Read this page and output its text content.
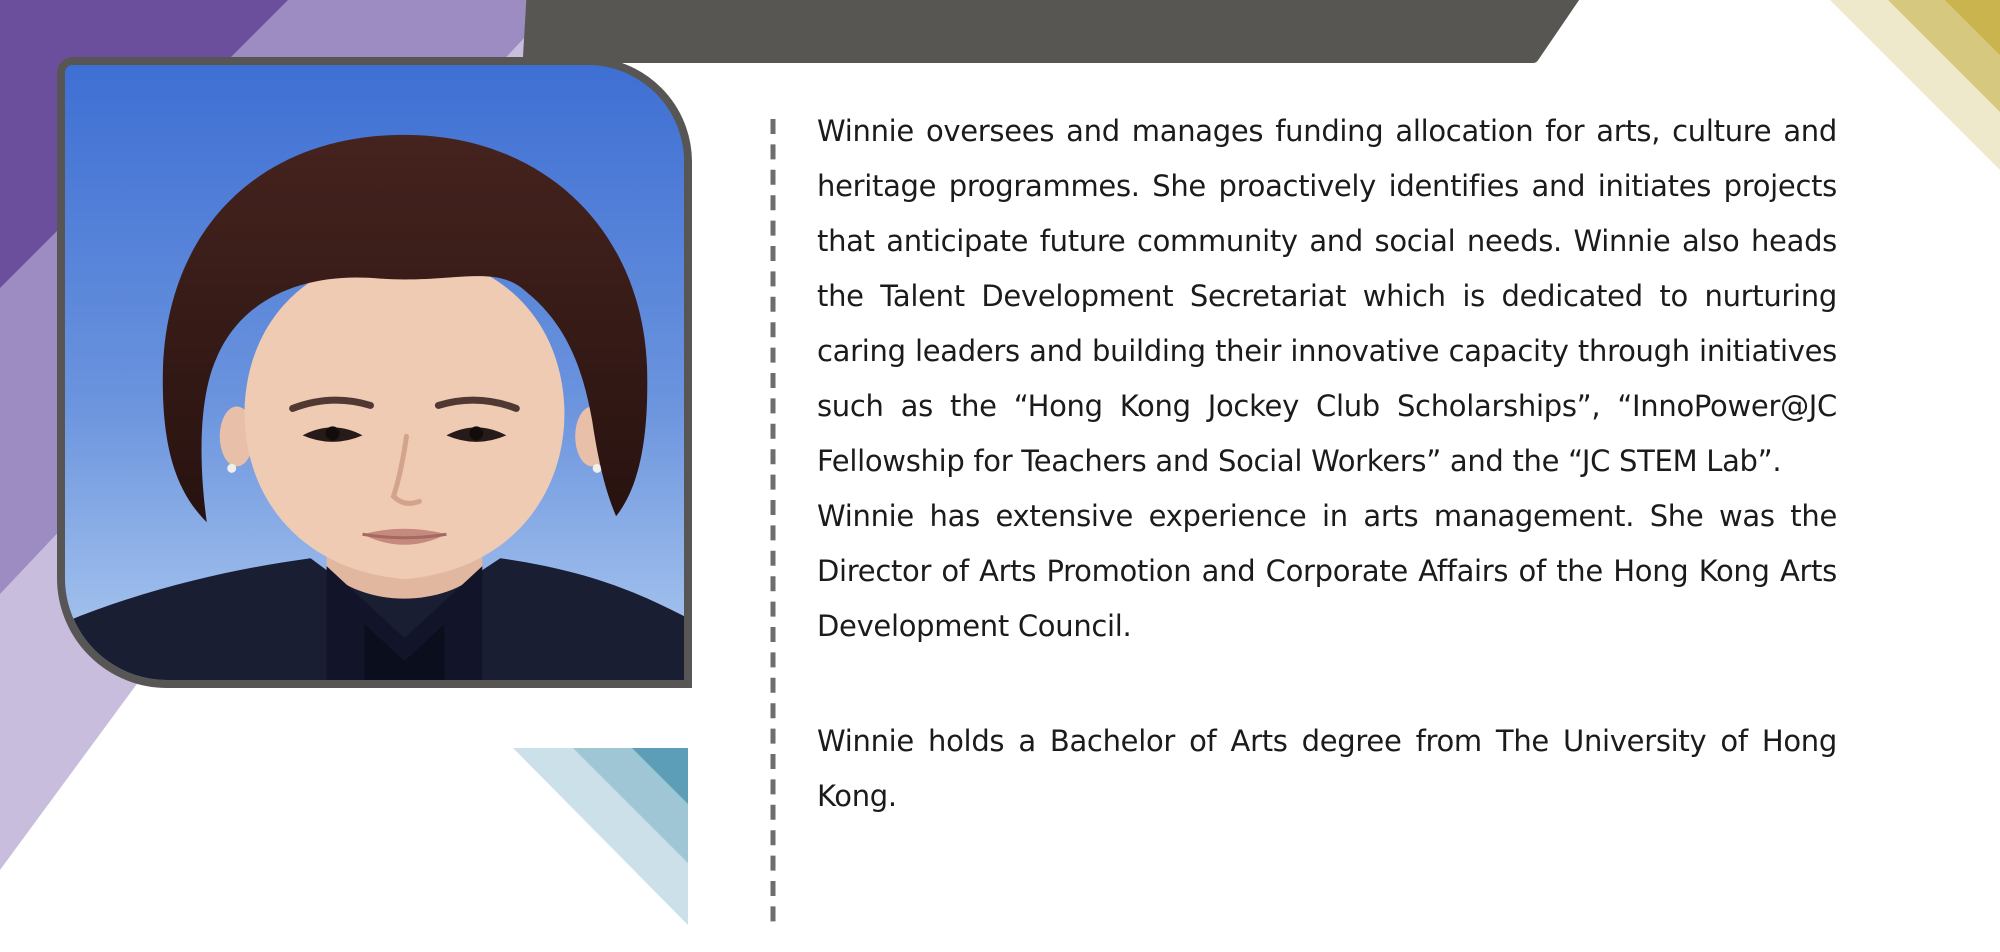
Winnie oversees and manages funding allocation for arts, culture and heritage programmes. She proactively identifies and initiates projects that anticipate future community and social needs. Winnie also heads the Talent Development Secretariat which is dedicated to nurturing caring leaders and building their innovative capacity through initiatives such as the “Hong Kong Jockey Club Scholarships”, “InnoPower@JC Fellowship for Teachers and Social Workers” and the “JC STEM Lab”.

Winnie has extensive experience in arts management. She was the Director of Arts Promotion and Corporate Affairs of the Hong Kong Arts Development Council.

Winnie holds a Bachelor of Arts degree from The University of Hong Kong.
